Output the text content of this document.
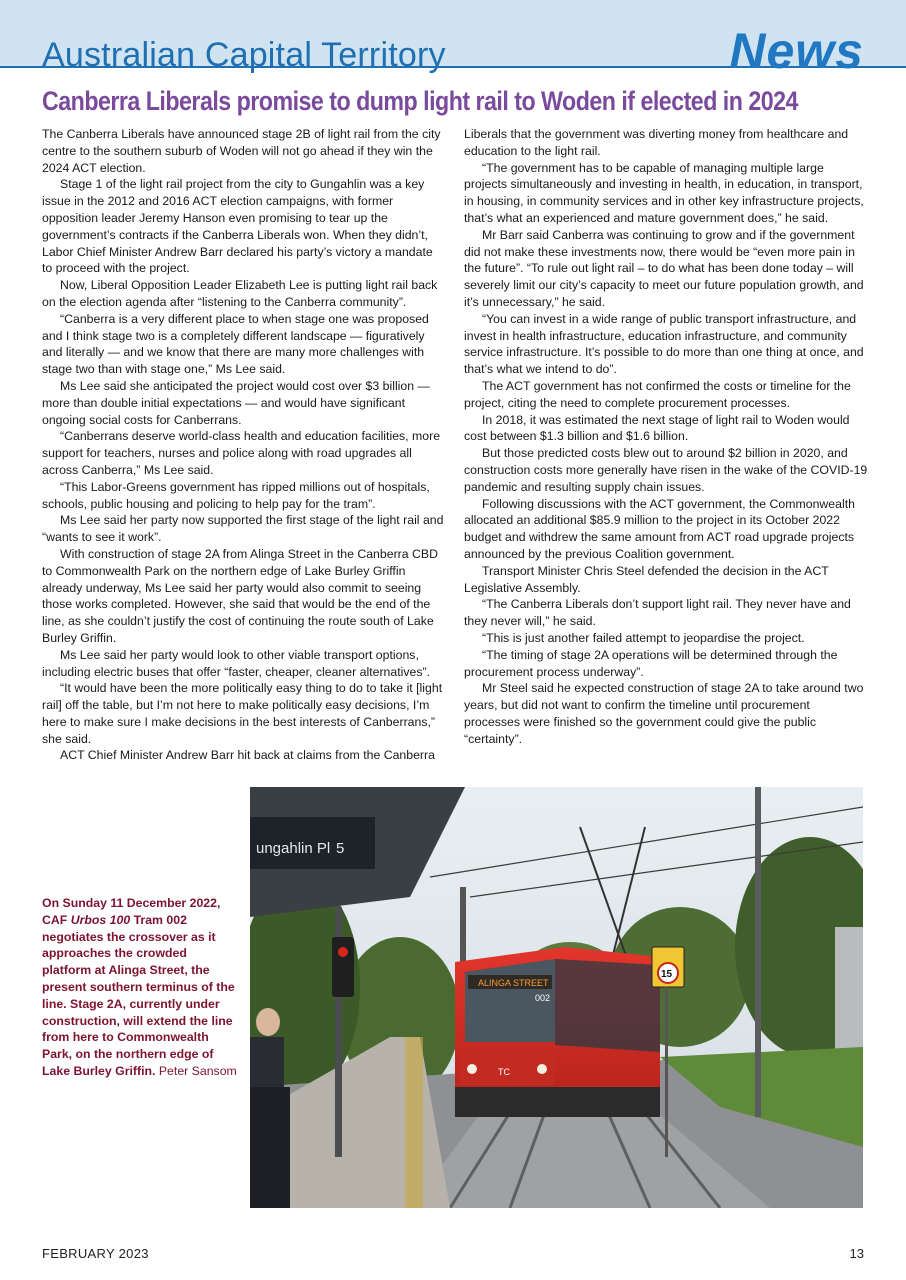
Australian Capital Territory	News
Canberra Liberals promise to dump light rail to Woden if elected in 2024

The Canberra Liberals have announced stage 2B of light rail from the city centre to the southern suburb of Woden will not go ahead if they win the 2024 ACT election.

Stage 1 of the light rail project from the city to Gungahlin was a key issue in the 2012 and 2016 ACT election campaigns, with former opposition leader Jeremy Hanson even promising to tear up the government’s contracts if the Canberra Liberals won. When they didn’t, Labor Chief Minister Andrew Barr declared his party’s victory a mandate to proceed with the project.

Now, Liberal Opposition Leader Elizabeth Lee is putting light rail back on the election agenda after “listening to the Canberra community”.

“Canberra is a very different place to when stage one was proposed and I think stage two is a completely different landscape — figuratively and literally — and we know that there are many more challenges with stage two than with stage one,” Ms Lee said.

Ms Lee said she anticipated the project would cost over $3 billion — more than double initial expectations — and would have significant ongoing social costs for Canberrans.

“Canberrans deserve world-class health and education facilities, more support for teachers, nurses and police along with road upgrades all across Canberra,” Ms Lee said.

“This Labor-Greens government has ripped millions out of hospitals, schools, public housing and policing to help pay for the tram”.

Ms Lee said her party now supported the first stage of the light rail and “wants to see it work”.

With construction of stage 2A from Alinga Street in the Canberra CBD to Commonwealth Park on the northern edge of Lake Burley Griffin already underway, Ms Lee said her party would also commit to seeing those works completed. However, she said that would be the end of the line, as she couldn’t justify the cost of continuing the route south of Lake Burley Griffin.

Ms Lee said her party would look to other viable transport options, including electric buses that offer “faster, cheaper, cleaner alternatives”.

“It would have been the more politically easy thing to do to take it [light rail] off the table, but I’m not here to make politically easy decisions, I’m here to make sure I make decisions in the best interests of Canberrans,” she said.

ACT Chief Minister Andrew Barr hit back at claims from the Canberra

Liberals that the government was diverting money from healthcare and education to the light rail.

“The government has to be capable of managing multiple large projects simultaneously and investing in health, in education, in transport, in housing, in community services and in other key infrastructure projects, that’s what an experienced and mature government does,” he said.

Mr Barr said Canberra was continuing to grow and if the government did not make these investments now, there would be “even more pain in the future”. “To rule out light rail – to do what has been done today – will severely limit our city’s capacity to meet our future population growth, and it’s unnecessary,” he said.

“You can invest in a wide range of public transport infrastructure, and invest in health infrastructure, education infrastructure, and community service infrastructure. It’s possible to do more than one thing at once, and that’s what we intend to do”.

The ACT government has not confirmed the costs or timeline for the project, citing the need to complete procurement processes.

In 2018, it was estimated the next stage of light rail to Woden would cost between $1.3 billion and $1.6 billion.

But those predicted costs blew out to around $2 billion in 2020, and construction costs more generally have risen in the wake of the COVID-19 pandemic and resulting supply chain issues.

Following discussions with the ACT government, the Commonwealth allocated an additional $85.9 million to the project in its October 2022 budget and withdrew the same amount from ACT road upgrade projects announced by the previous Coalition government.

Transport Minister Chris Steel defended the decision in the ACT Legislative Assembly.

“The Canberra Liberals don’t support light rail. They never have and they never will,” he said.

“This is just another failed attempt to jeopardise the project.

“The timing of stage 2A operations will be determined through the procurement process underway”.

Mr Steel said he expected construction of stage 2A to take around two years, but did not want to confirm the timeline until procurement processes were finished so the government could give the public “certainty”.

On Sunday 11 December 2022, CAF Urbos 100 Tram 002 negotiates the crossover as it approaches the crowded platform at Alinga Street, the present southern terminus of the line. Stage 2A, currently under construction, will extend the line from here to Commonwealth Park, on the northern edge of Lake Burley Griffin. Peter Sansom
ungahlin Pl 5
ALINGA STREET
002
TC
15
FEBRUARY 2023	13
